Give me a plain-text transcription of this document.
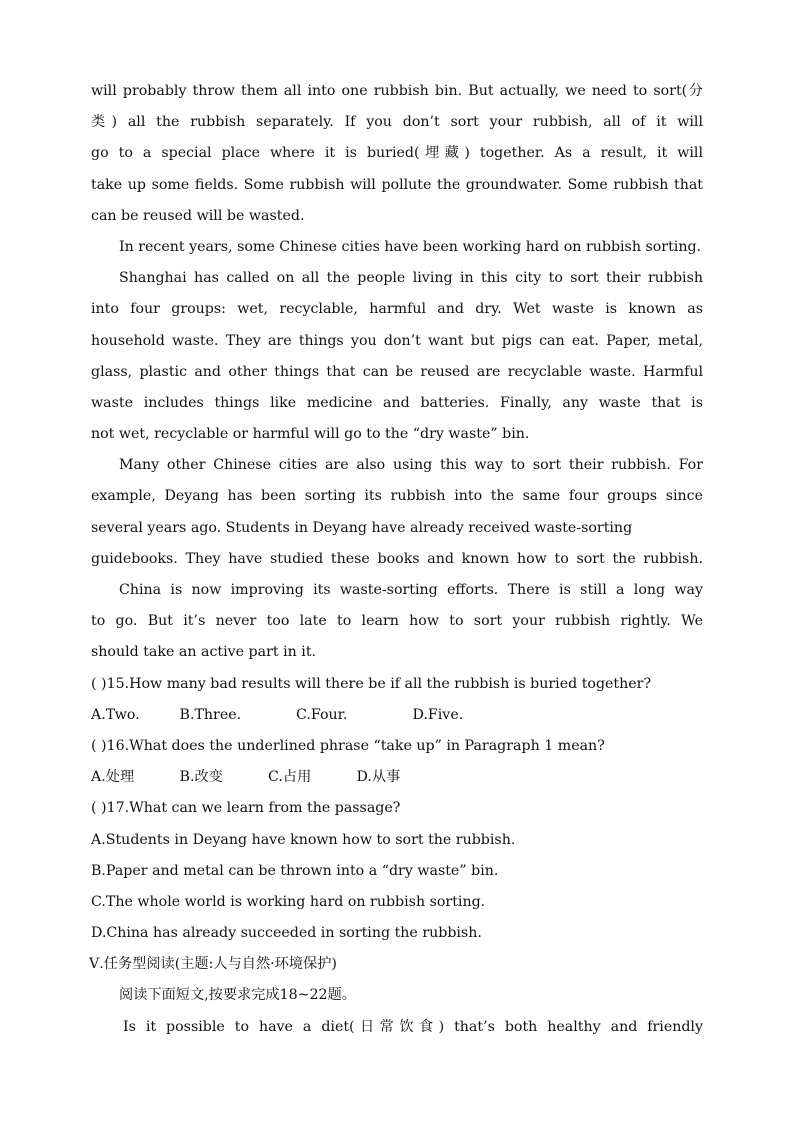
will probably throw them all into one rubbish bin. But actually, we need to sort(分
类) all the rubbish separately. If you don’t sort your rubbish, all of it will
go to a special place where it is buried(埋藏) together. As a result, it will
take up some fields. Some rubbish will pollute the groundwater. Some rubbish that
can be reused will be wasted.
In recent years, some Chinese cities have been working hard on rubbish sorting.
Shanghai has called on all the people living in this city to sort their rubbish
into four groups: wet, recyclable, harmful and dry. Wet waste is known as
household waste. They are things you don’t want but pigs can eat. Paper, metal,
glass, plastic and other things that can be reused are recyclable waste. Harmful
waste includes things like medicine and batteries. Finally, any waste that is
not wet, recyclable or harmful will go to the “dry waste” bin.
Many other Chinese cities are also using this way to sort their rubbish. For
example, Deyang has been sorting its rubbish into the same four groups since
several years ago. Students in Deyang have already received waste-sorting
guidebooks. They have studied these books and known how to sort the rubbish.
China is now improving its waste-sorting efforts. There is still a long way
to go. But it’s never too late to learn how to sort your rubbish rightly. We
should take an active part in it.
( )15.How many bad results will there be if all the rubbish is buried together?
A.Two.	B.Three.	C.Four.	D.Five.
( )16.What does the underlined phrase “take up” in Paragraph 1 mean?
A.处理	B.改变	C.占用	D.从事
( )17.What can we learn from the passage?
A.Students in Deyang have known how to sort the rubbish.
B.Paper and metal can be thrown into a “dry waste” bin.
C.The whole world is working hard on rubbish sorting.
D.China has already succeeded in sorting the rubbish.
Ⅴ.任务型阅读(主题:人与自然·环境保护)
阅读下面短文,按要求完成18~22题。
Is it possible to have a diet(日常饮食) that’s both healthy and friendly
